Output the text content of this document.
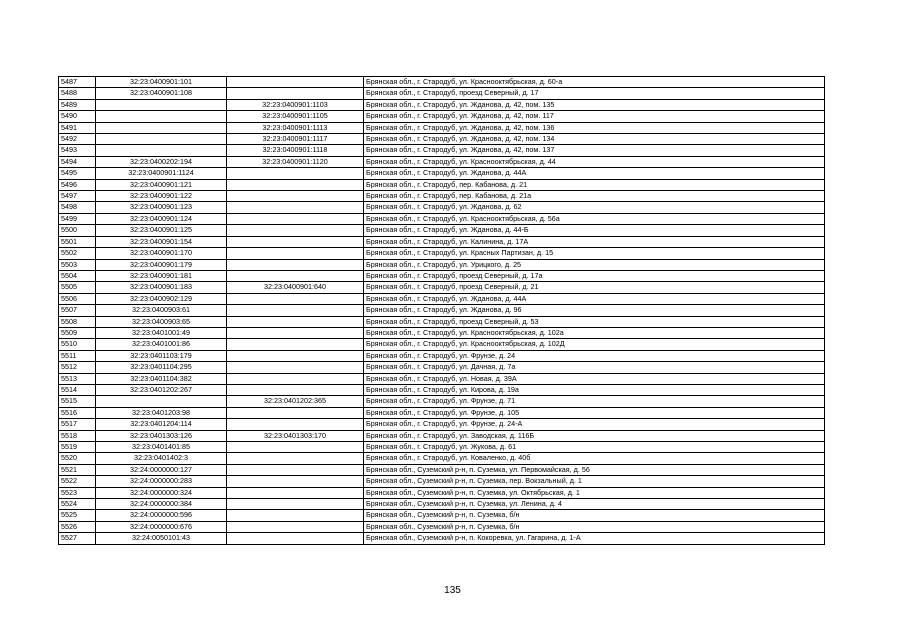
5487	32:23:0400901:101		Брянская обл., г. Стародуб, ул. Краснооктябрьская, д. 60-а
5488	32:23:0400901:108		Брянская обл., г. Стародуб, проезд Северный, д. 17
5489		32:23:0400901:1103	Брянская обл., г. Стародуб, ул. Жданова, д. 42, пом. 135
5490		32:23:0400901:1105	Брянская обл., г. Стародуб, ул. Жданова, д. 42, пом. 117
5491		32:23:0400901:1113	Брянская обл., г. Стародуб, ул. Жданова, д. 42, пом. 136
5492		32:23:0400901:1117	Брянская обл., г. Стародуб, ул. Жданова, д. 42, пом. 134
5493		32:23:0400901:1118	Брянская обл., г. Стародуб, ул. Жданова, д. 42, пом. 137
5494	32:23:0400202:194	32:23:0400901:1120	Брянская обл., г. Стародуб, ул. Краснооктябрьская, д. 44
5495	32:23:0400901:1124		Брянская обл., г. Стародуб, ул. Жданова, д. 44А
5496	32:23:0400901:121		Брянская обл., г. Стародуб, пер. Кабанова, д. 21
5497	32:23:0400901:122		Брянская обл., г. Стародуб, пер. Кабанова, д. 21а
5498	32:23:0400901:123		Брянская обл., г. Стародуб, ул. Жданова, д. 62
5499	32:23:0400901:124		Брянская обл., г. Стародуб, ул. Краснооктябрьская, д. 56а
5500	32:23:0400901:125		Брянская обл., г. Стародуб, ул. Жданова, д. 44-Б
5501	32:23:0400901:154		Брянская обл., г. Стародуб, ул. Калинина, д. 17А
5502	32:23:0400901:170		Брянская обл., г. Стародуб, ул. Красных Партизан, д. 15
5503	32:23:0400901:179		Брянская обл., г. Стародуб, ул. Урицкого, д. 25
5504	32:23:0400901:181		Брянская обл., г. Стародуб, проезд Северный, д. 17а
5505	32:23:0400901:183	32:23:0400901:640	Брянская обл., г. Стародуб, проезд Северный, д. 21
5506	32:23:0400902:129		Брянская обл., г. Стародуб, ул. Жданова, д. 44А
5507	32:23:0400903:61		Брянская обл., г. Стародуб, ул. Жданова, д. 96
5508	32:23:0400903:65		Брянская обл., г. Стародуб, проезд Северный, д. 53
5509	32:23:0401001:49		Брянская обл., г. Стародуб, ул. Краснооктябрьская, д. 102а
5510	32:23:0401001:86		Брянская обл., г. Стародуб, ул. Краснооктябрьская, д. 102Д
5511	32:23:0401103:179		Брянская обл., г. Стародуб, ул. Фрунзе, д. 24
5512	32:23:0401104:295		Брянская обл., г. Стародуб, ул. Дачная, д. 7а
5513	32:23:0401104:382		Брянская обл., г. Стародуб, ул. Новая, д. 39А
5514	32:23:0401202:267		Брянская обл., г. Стародуб, ул. Кирова, д. 19а
5515		32:23:0401202:365	Брянская обл., г. Стародуб, ул. Фрунзе, д. 71
5516	32:23:0401203:98		Брянская обл., г. Стародуб, ул. Фрунзе, д. 105
5517	32:23:0401204:114		Брянская обл., г. Стародуб, ул. Фрунзе, д. 24-А
5518	32:23:0401303:126	32:23:0401303:170	Брянская обл., г. Стародуб, ул. Заводская, д. 116Б
5519	32:23:0401401:85		Брянская обл., г. Стародуб, ул. Жукова, д. 61
5520	32:23:0401402:3		Брянская обл., г. Стародуб, ул. Коваленко, д. 40б
5521	32:24:0000000:127		Брянская обл., Суземский р-н, п. Суземка, ул. Первомайская, д. 56
5522	32:24:0000000:283		Брянская обл., Суземский р-н, п. Суземка, пер. Вокзальный, д. 1
5523	32:24:0000000:324		Брянская обл., Суземский р-н, п. Суземка, ул. Октябрьская, д. 1
5524	32:24:0000000:384		Брянская обл., Суземский р-н, п. Суземка, ул. Ленина, д. 4
5525	32:24:0000000:596		Брянская обл., Суземский р-н, п. Суземка, б/н
5526	32:24:0000000:676		Брянская обл., Суземский р-н, п. Суземка, б/н
5527	32:24:0050101:43		Брянская обл., Суземский р-н, п. Кокоревка, ул. Гагарина, д. 1-А
135
